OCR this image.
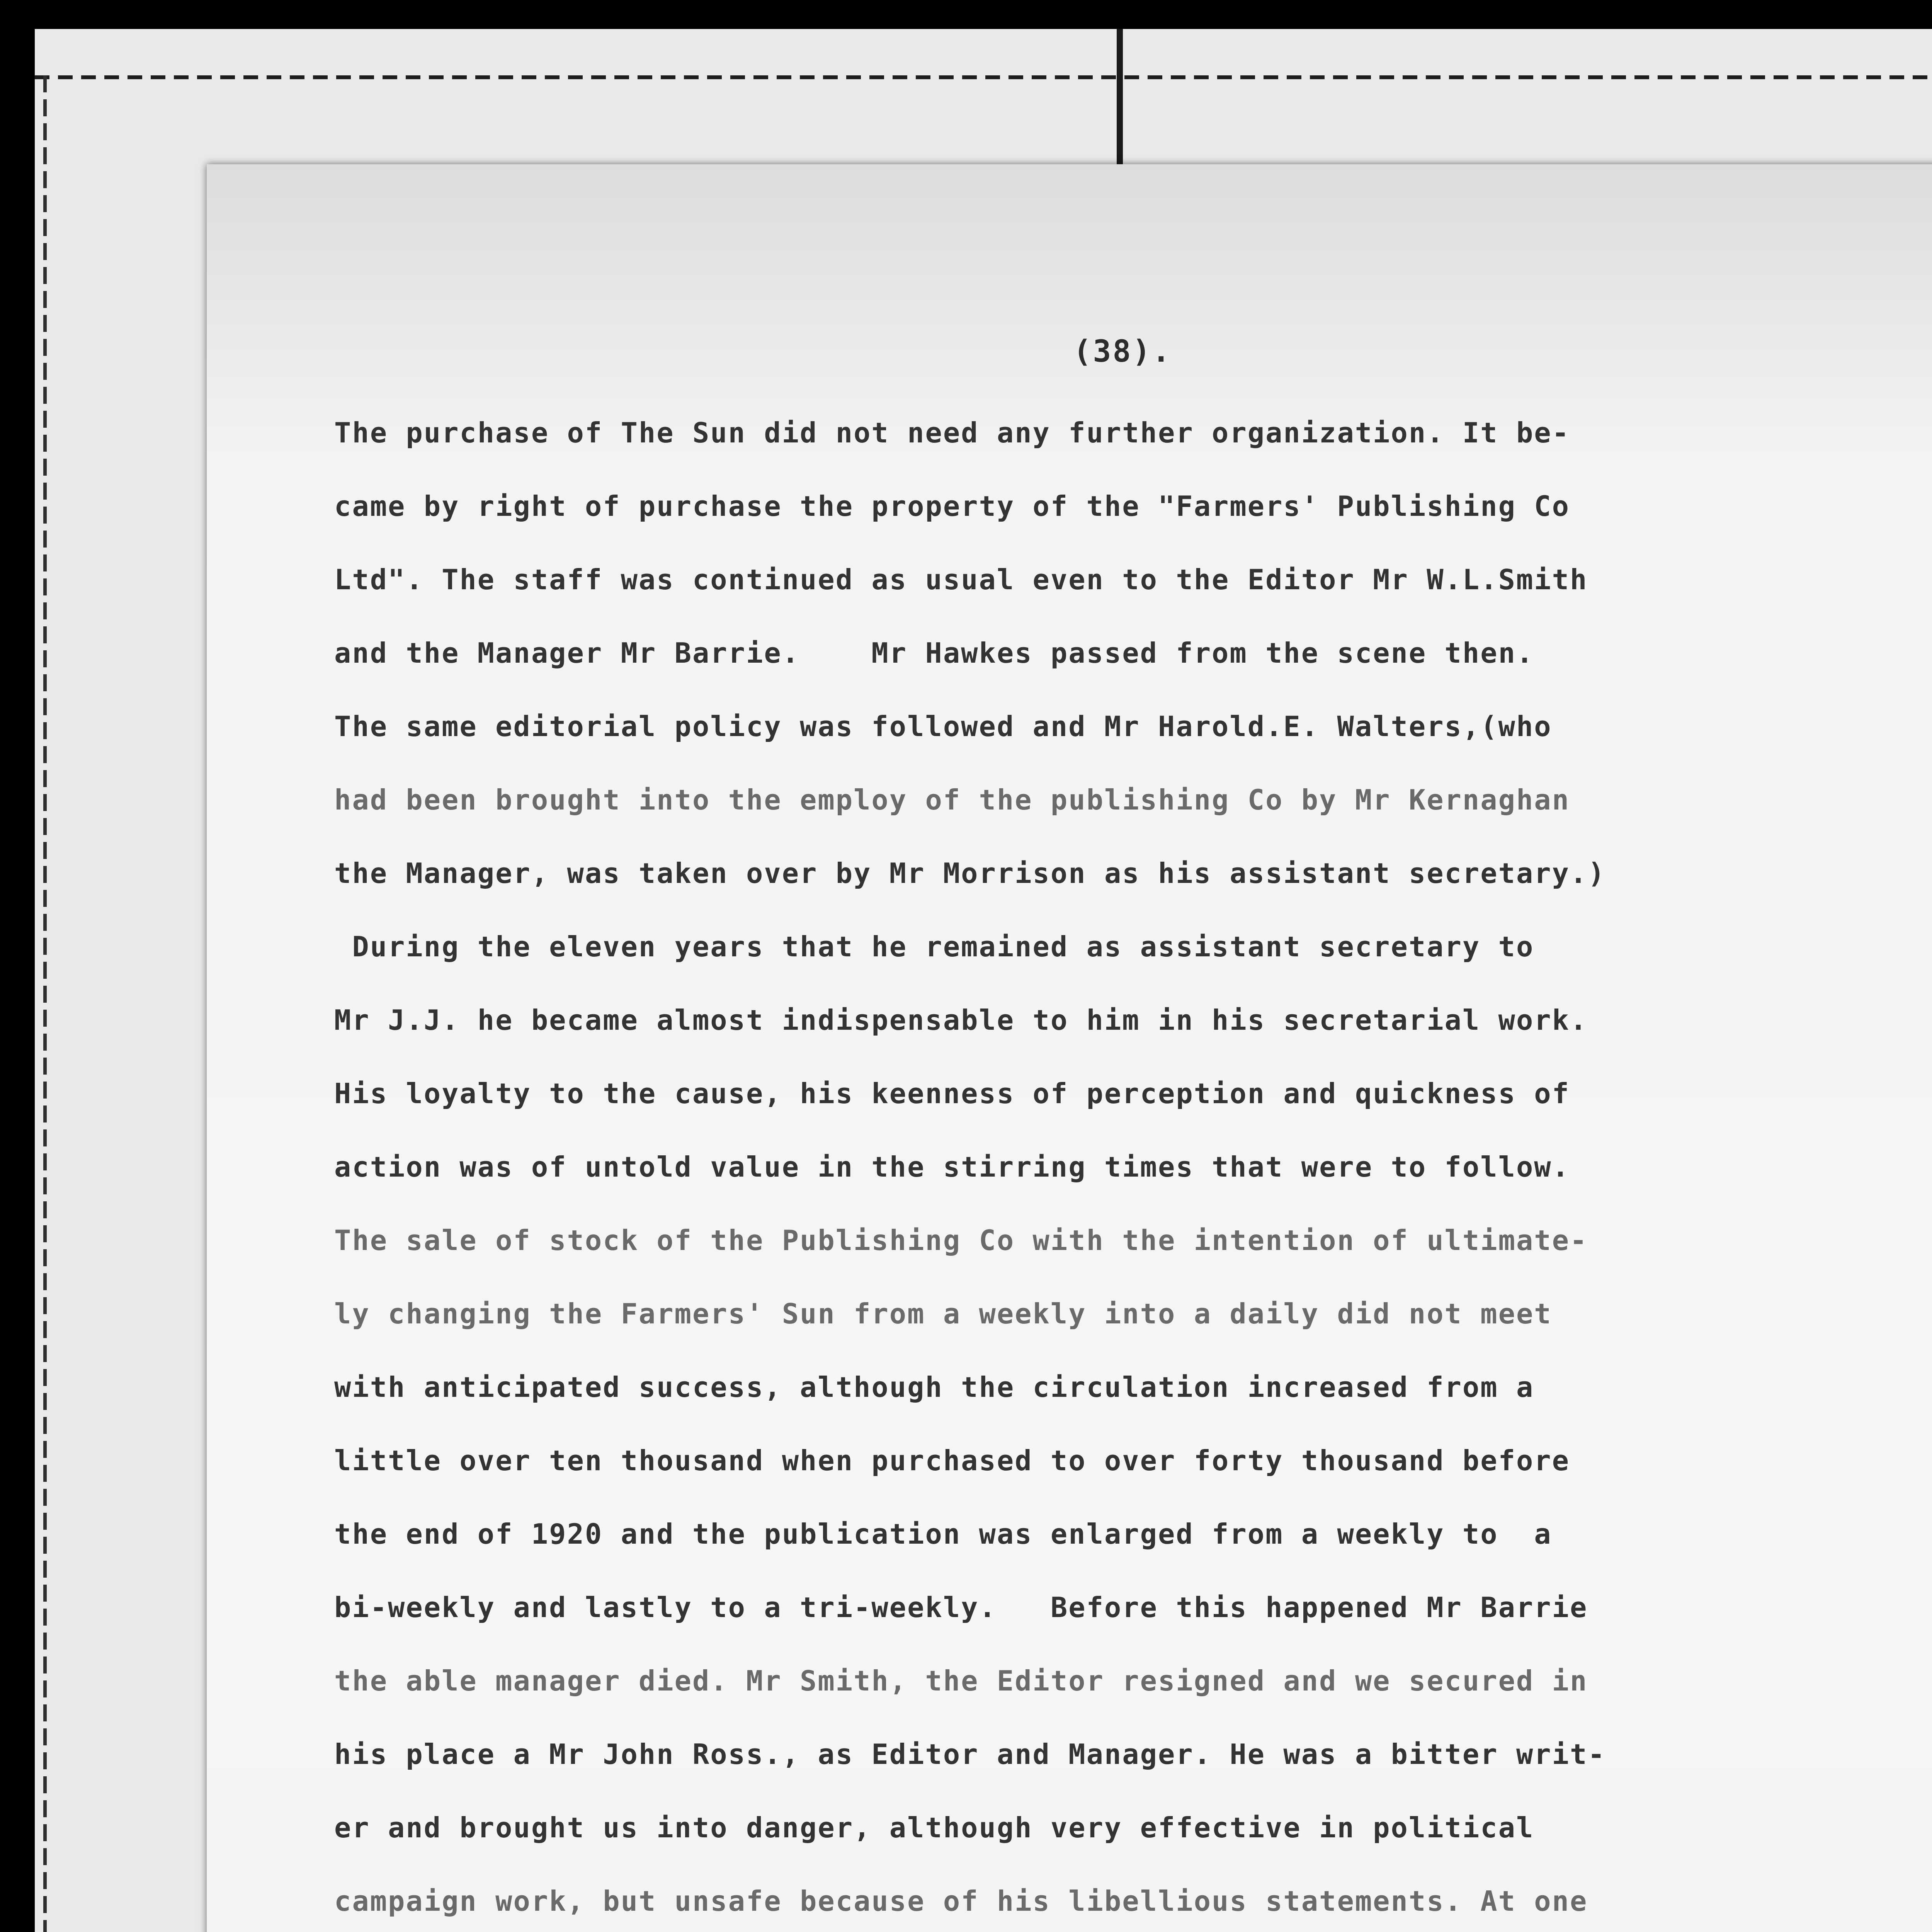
(38).
The purchase of The Sun did not need any further organization. It be-
came by right of purchase the property of the "Farmers' Publishing Co
Ltd". The staff was continued as usual even to the Editor Mr W.L.Smith
and the Manager Mr Barrie.    Mr Hawkes passed from the scene then.
The same editorial policy was followed and Mr Harold.E. Walters,(who
had been brought into the employ of the publishing Co by Mr Kernaghan
the Manager, was taken over by Mr Morrison as his assistant secretary.)
During the eleven years that he remained as assistant secretary to
Mr J.J. he became almost indispensable to him in his secretarial work.
His loyalty to the cause, his keenness of perception and quickness of
action was of untold value in the stirring times that were to follow.
The sale of stock of the Publishing Co with the intention of ultimate-
ly changing the Farmers' Sun from a weekly into a daily did not meet
with anticipated success, although the circulation increased from a
little over ten thousand when purchased to over forty thousand before
the end of 1920 and the publication was enlarged from a weekly to  a
bi-weekly and lastly to a tri-weekly.   Before this happened Mr Barrie
the able manager died. Mr Smith, the Editor resigned and we secured in
his place a Mr John Ross., as Editor and Manager. He was a bitter writ-
er and brought us into danger, although very effective in political
campaign work, but unsafe because of his libellious statements. At one
